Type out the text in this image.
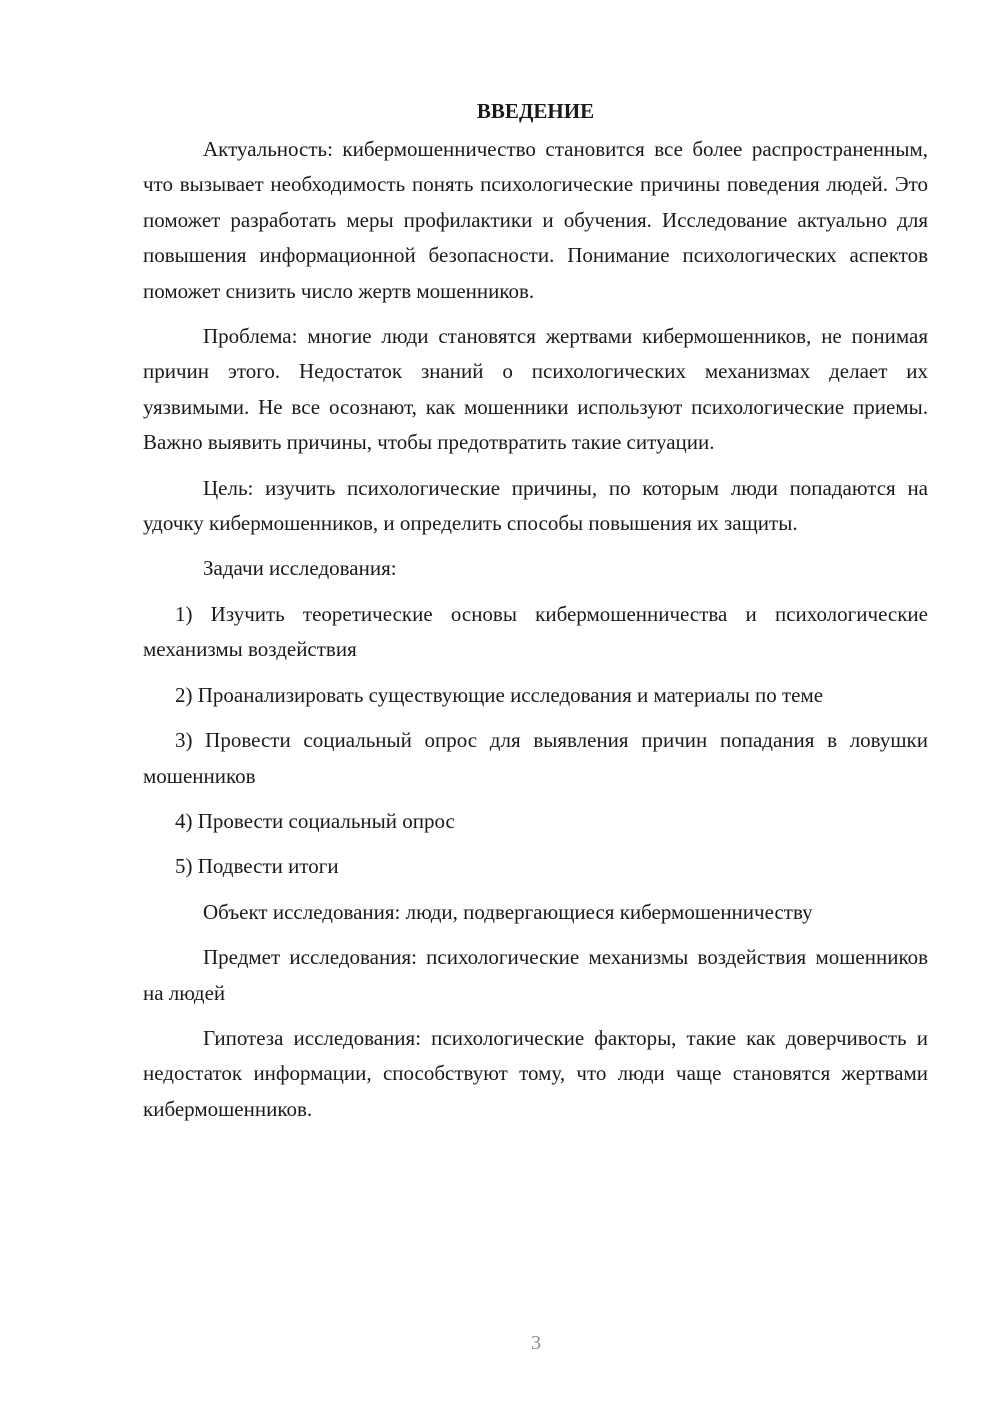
ВВЕДЕНИЕ

Актуальность: кибермошенничество становится все более распространенным, что вызывает необходимость понять психологические причины поведения людей. Это поможет разработать меры профилактики и обучения. Исследование актуально для повышения информационной безопасности. Понимание психологических аспектов поможет снизить число жертв мошенников.

Проблема: многие люди становятся жертвами кибермошенников, не понимая причин этого. Недостаток знаний о психологических механизмах делает их уязвимыми. Не все осознают, как мошенники используют психологические приемы. Важно выявить причины, чтобы предотвратить такие ситуации.

Цель: изучить психологические причины, по которым люди попадаются на удочку кибермошенников, и определить способы повышения их защиты.

Задачи исследования:

1) Изучить теоретические основы кибермошенничества и психологические механизмы воздействия

2) Проанализировать существующие исследования и материалы по теме

3) Провести социальный опрос для выявления причин попадания в ловушки мошенников

4) Провести социальный опрос

5) Подвести итоги

Объект исследования: люди, подвергающиеся кибермошенничеству

Предмет исследования: психологические механизмы воздействия мошенников на людей

Гипотеза исследования: психологические факторы, такие как доверчивость и недостаток информации, способствуют тому, что люди чаще становятся жертвами кибермошенников.

3
